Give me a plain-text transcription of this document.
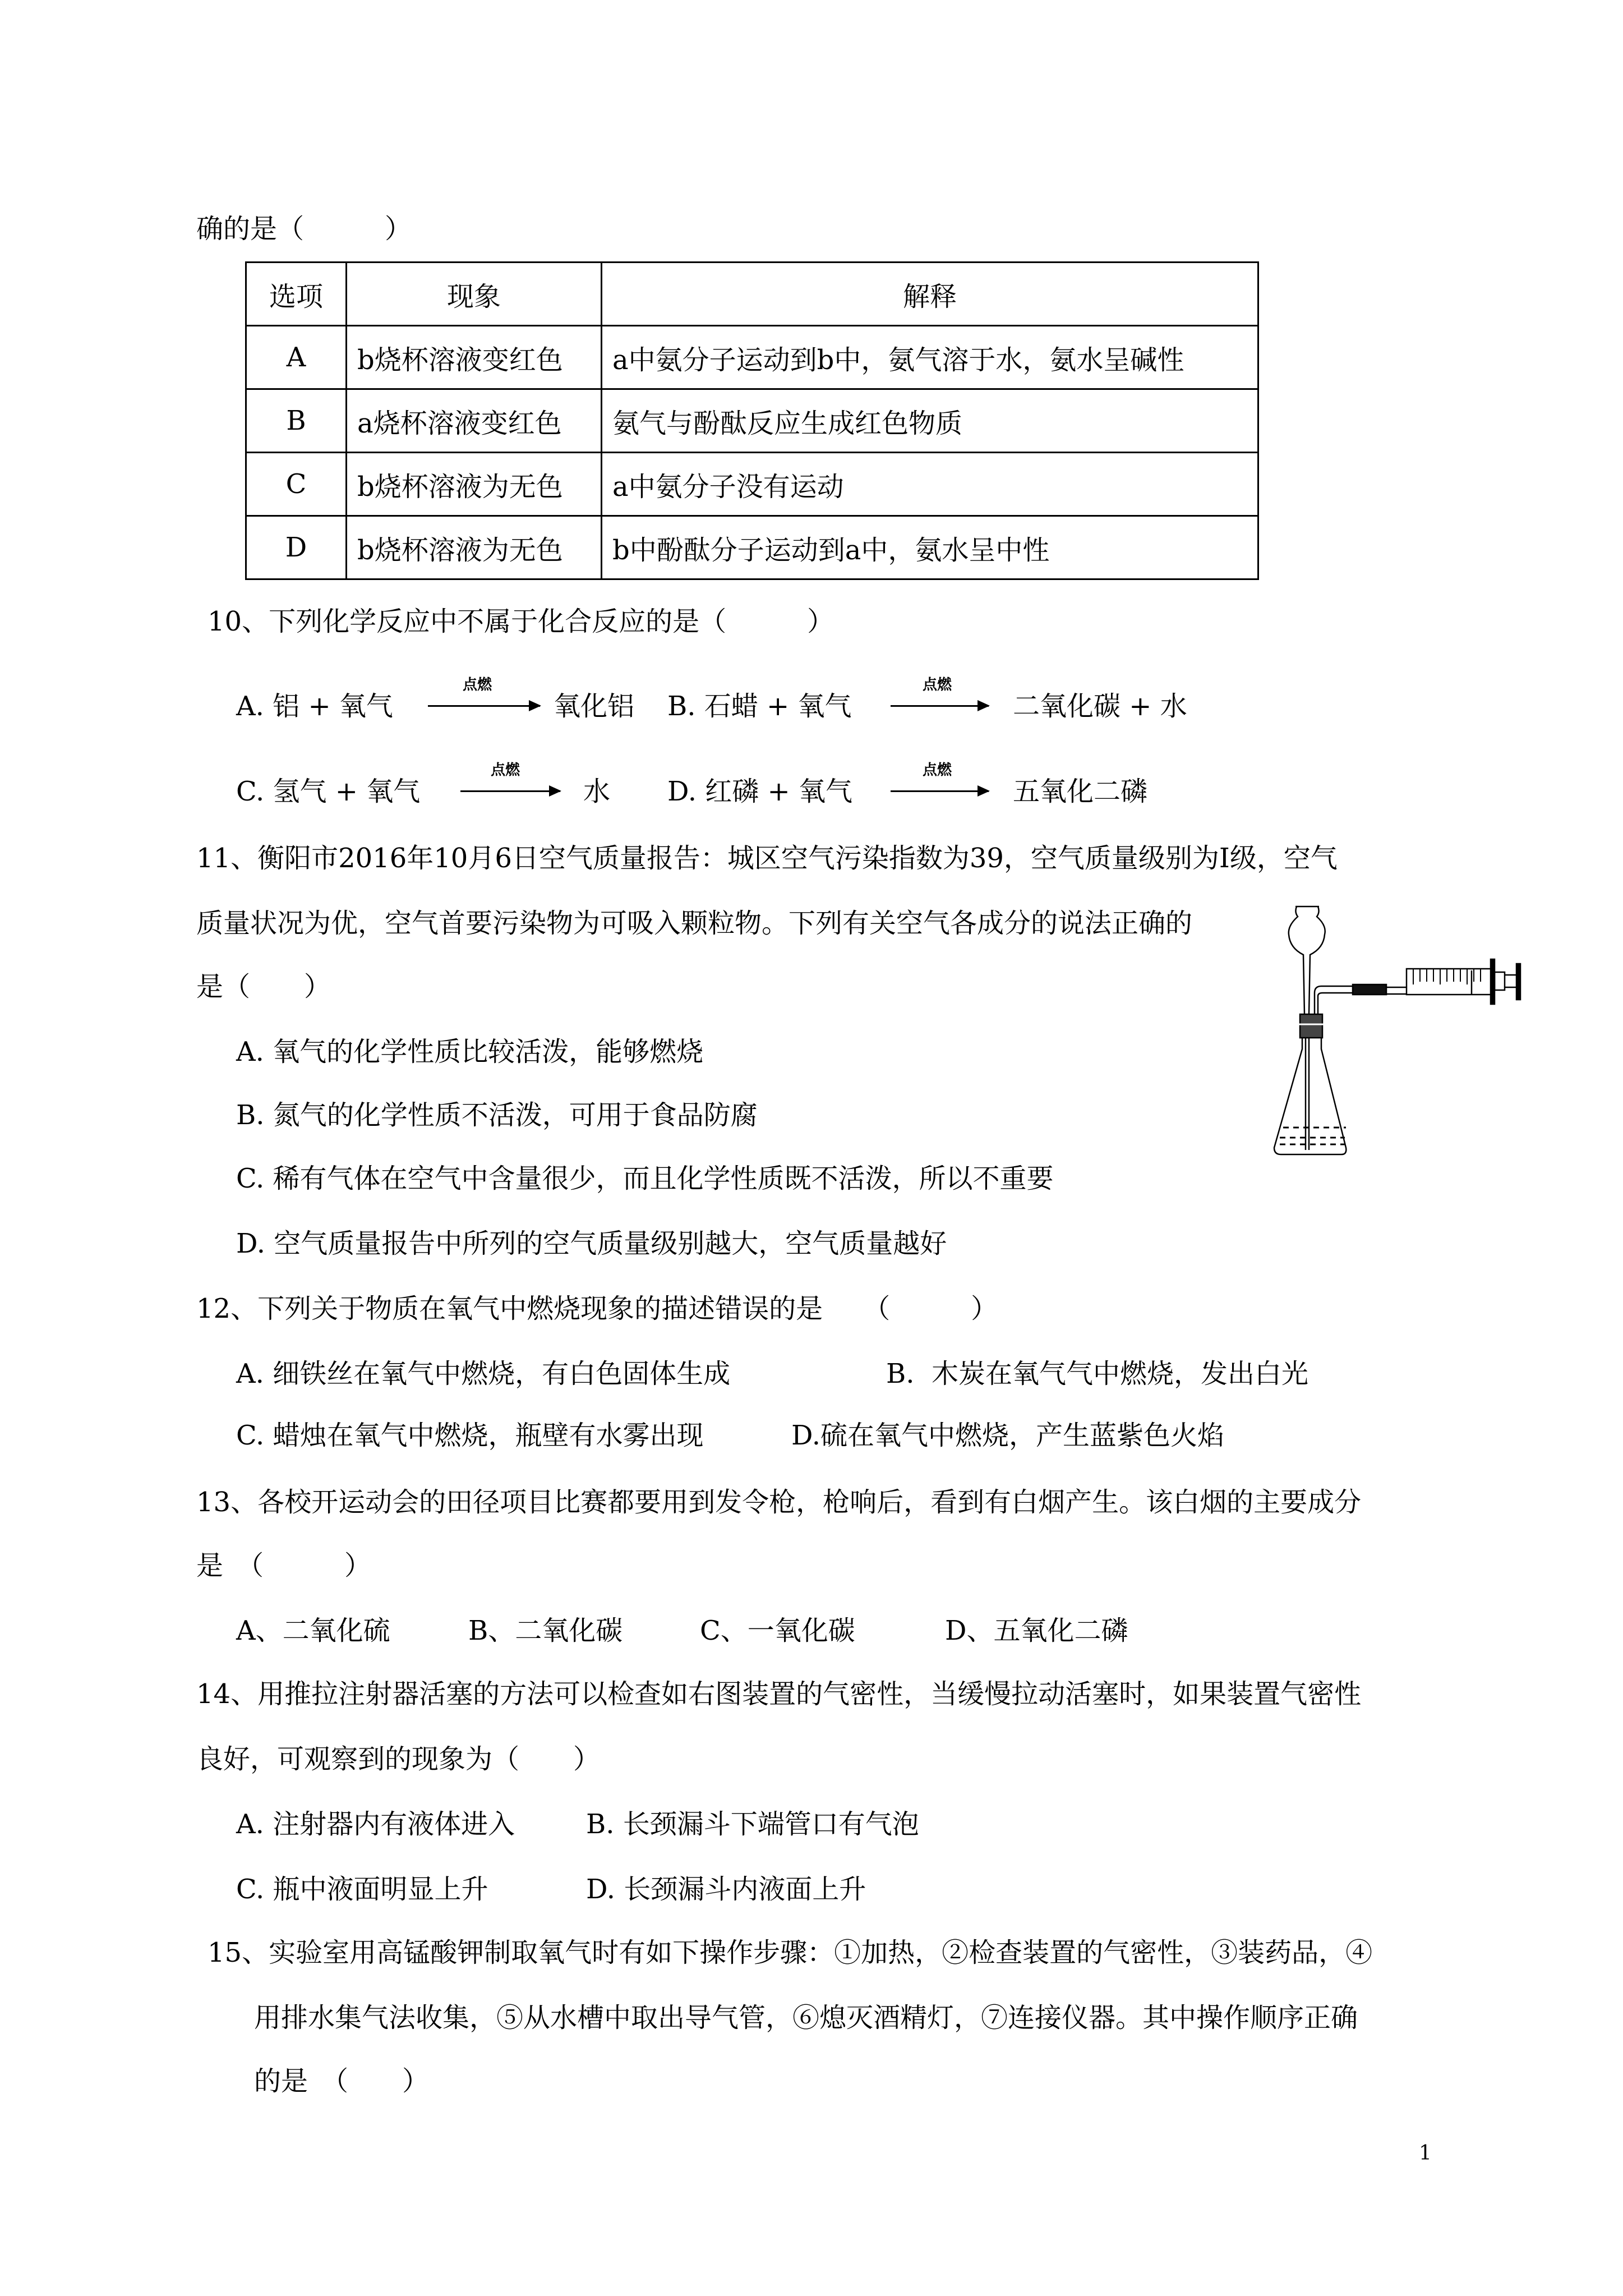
确的是（　　　）
选项	现象	解释
A	b烧杯溶液变红色	a中氨分子运动到b中，氨气溶于水，氨水呈碱性
B	a烧杯溶液变红色	氨气与酚酞反应生成红色物质
C	b烧杯溶液为无色	a中氨分子没有运动
D	b烧杯溶液为无色	b中酚酞分子运动到a中，氨水呈中性
10、下列化学反应中不属于化合反应的是（　　　）
A. 铝 + 氧气
点燃
氧化铝 B. 石蜡 + 氧气
点燃
→ 二氧化碳 + 水
C. 氢气 + 氧气
点燃
→ 水 D. 红磷 + 氧气
点燃
→ 五氧化二磷
11、衡阳市2016年10月6日空气质量报告：城区空气污染指数为39，空气质量级别为Ⅰ级，空气
质量状况为优，空气首要污染物为可吸入颗粒物。下列有关空气各成分的说法正确的
是（　　）
A. 氧气的化学性质比较活泼，能够燃烧
B. 氮气的化学性质不活泼，可用于食品防腐
C. 稀有气体在空气中含量很少，而且化学性质既不活泼，所以不重要
D. 空气质量报告中所列的空气质量级别越大，空气质量越好
12、下列关于物质在氧气中燃烧现象的描述错误的是　　（　　　）
A. 细铁丝在氧气中燃烧，有白色固体生成	B.  木炭在氧气气中燃烧，发出白光
C. 蜡烛在氧气中燃烧，瓶壁有水雾出现	D.硫在氧气中燃烧，产生蓝紫色火焰
13、各校开运动会的田径项目比赛都要用到发令枪，枪响后，看到有白烟产生。该白烟的主要成分
是　（　　　）
A、二氧化硫	B、二氧化碳	C、一氧化碳	D、五氧化二磷
14、用推拉注射器活塞的方法可以检查如右图装置的气密性，当缓慢拉动活塞时，如果装置气密性
良好，可观察到的现象为（　　）
A. 注射器内有液体进入	B. 长颈漏斗下端管口有气泡
C. 瓶中液面明显上升	D. 长颈漏斗内液面上升
15、实验室用高锰酸钾制取氧气时有如下操作步骤：①加热，②检查装置的气密性，③装药品，④
用排水集气法收集，⑤从水槽中取出导气管，⑥熄灭酒精灯，⑦连接仪器。其中操作顺序正确
的是　（　　）
1
